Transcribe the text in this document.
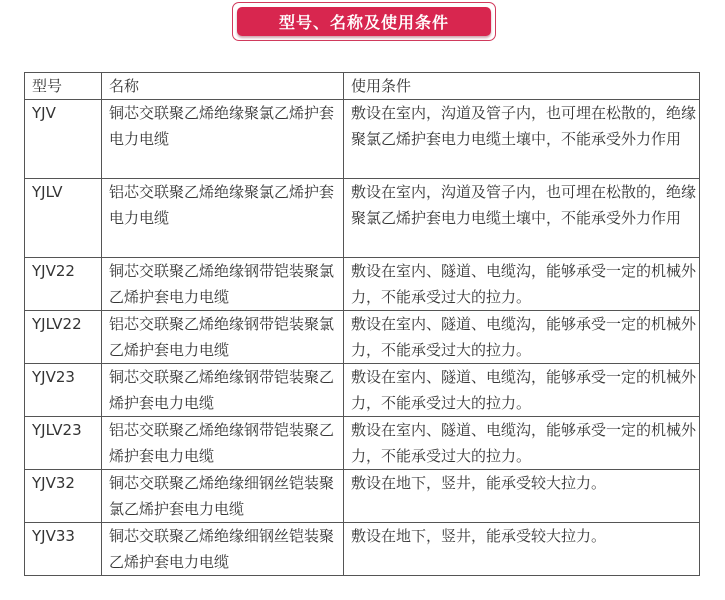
型号、名称及使用条件
型号	名称	使用条件
YJV	铜芯交联聚乙烯绝缘聚氯乙烯护套电力电缆	敷设在室内，沟道及管子内，也可埋在松散的，绝缘聚氯乙烯护套电力电缆土壤中，不能承受外力作用
YJLV	铝芯交联聚乙烯绝缘聚氯乙烯护套电力电缆	敷设在室内，沟道及管子内，也可埋在松散的，绝缘聚氯乙烯护套电力电缆土壤中，不能承受外力作用
YJV22	铜芯交联聚乙烯绝缘钢带铠装聚氯乙烯护套电力电缆	敷设在室内、隧道、电缆沟，能够承受一定的机械外力，不能承受过大的拉力。
YJLV22	铝芯交联聚乙烯绝缘钢带铠装聚氯乙烯护套电力电缆	敷设在室内、隧道、电缆沟，能够承受一定的机械外力，不能承受过大的拉力。
YJV23	铜芯交联聚乙烯绝缘钢带铠装聚乙烯护套电力电缆	敷设在室内、隧道、电缆沟，能够承受一定的机械外力，不能承受过大的拉力。
YJLV23	铝芯交联聚乙烯绝缘钢带铠装聚乙烯护套电力电缆	敷设在室内、隧道、电缆沟，能够承受一定的机械外力，不能承受过大的拉力。
YJV32	铜芯交联聚乙烯绝缘细钢丝铠装聚氯乙烯护套电力电缆	敷设在地下，竖井，能承受较大拉力。
YJV33	铜芯交联聚乙烯绝缘细钢丝铠装聚乙烯护套电力电缆	敷设在地下，竖井，能承受较大拉力。
